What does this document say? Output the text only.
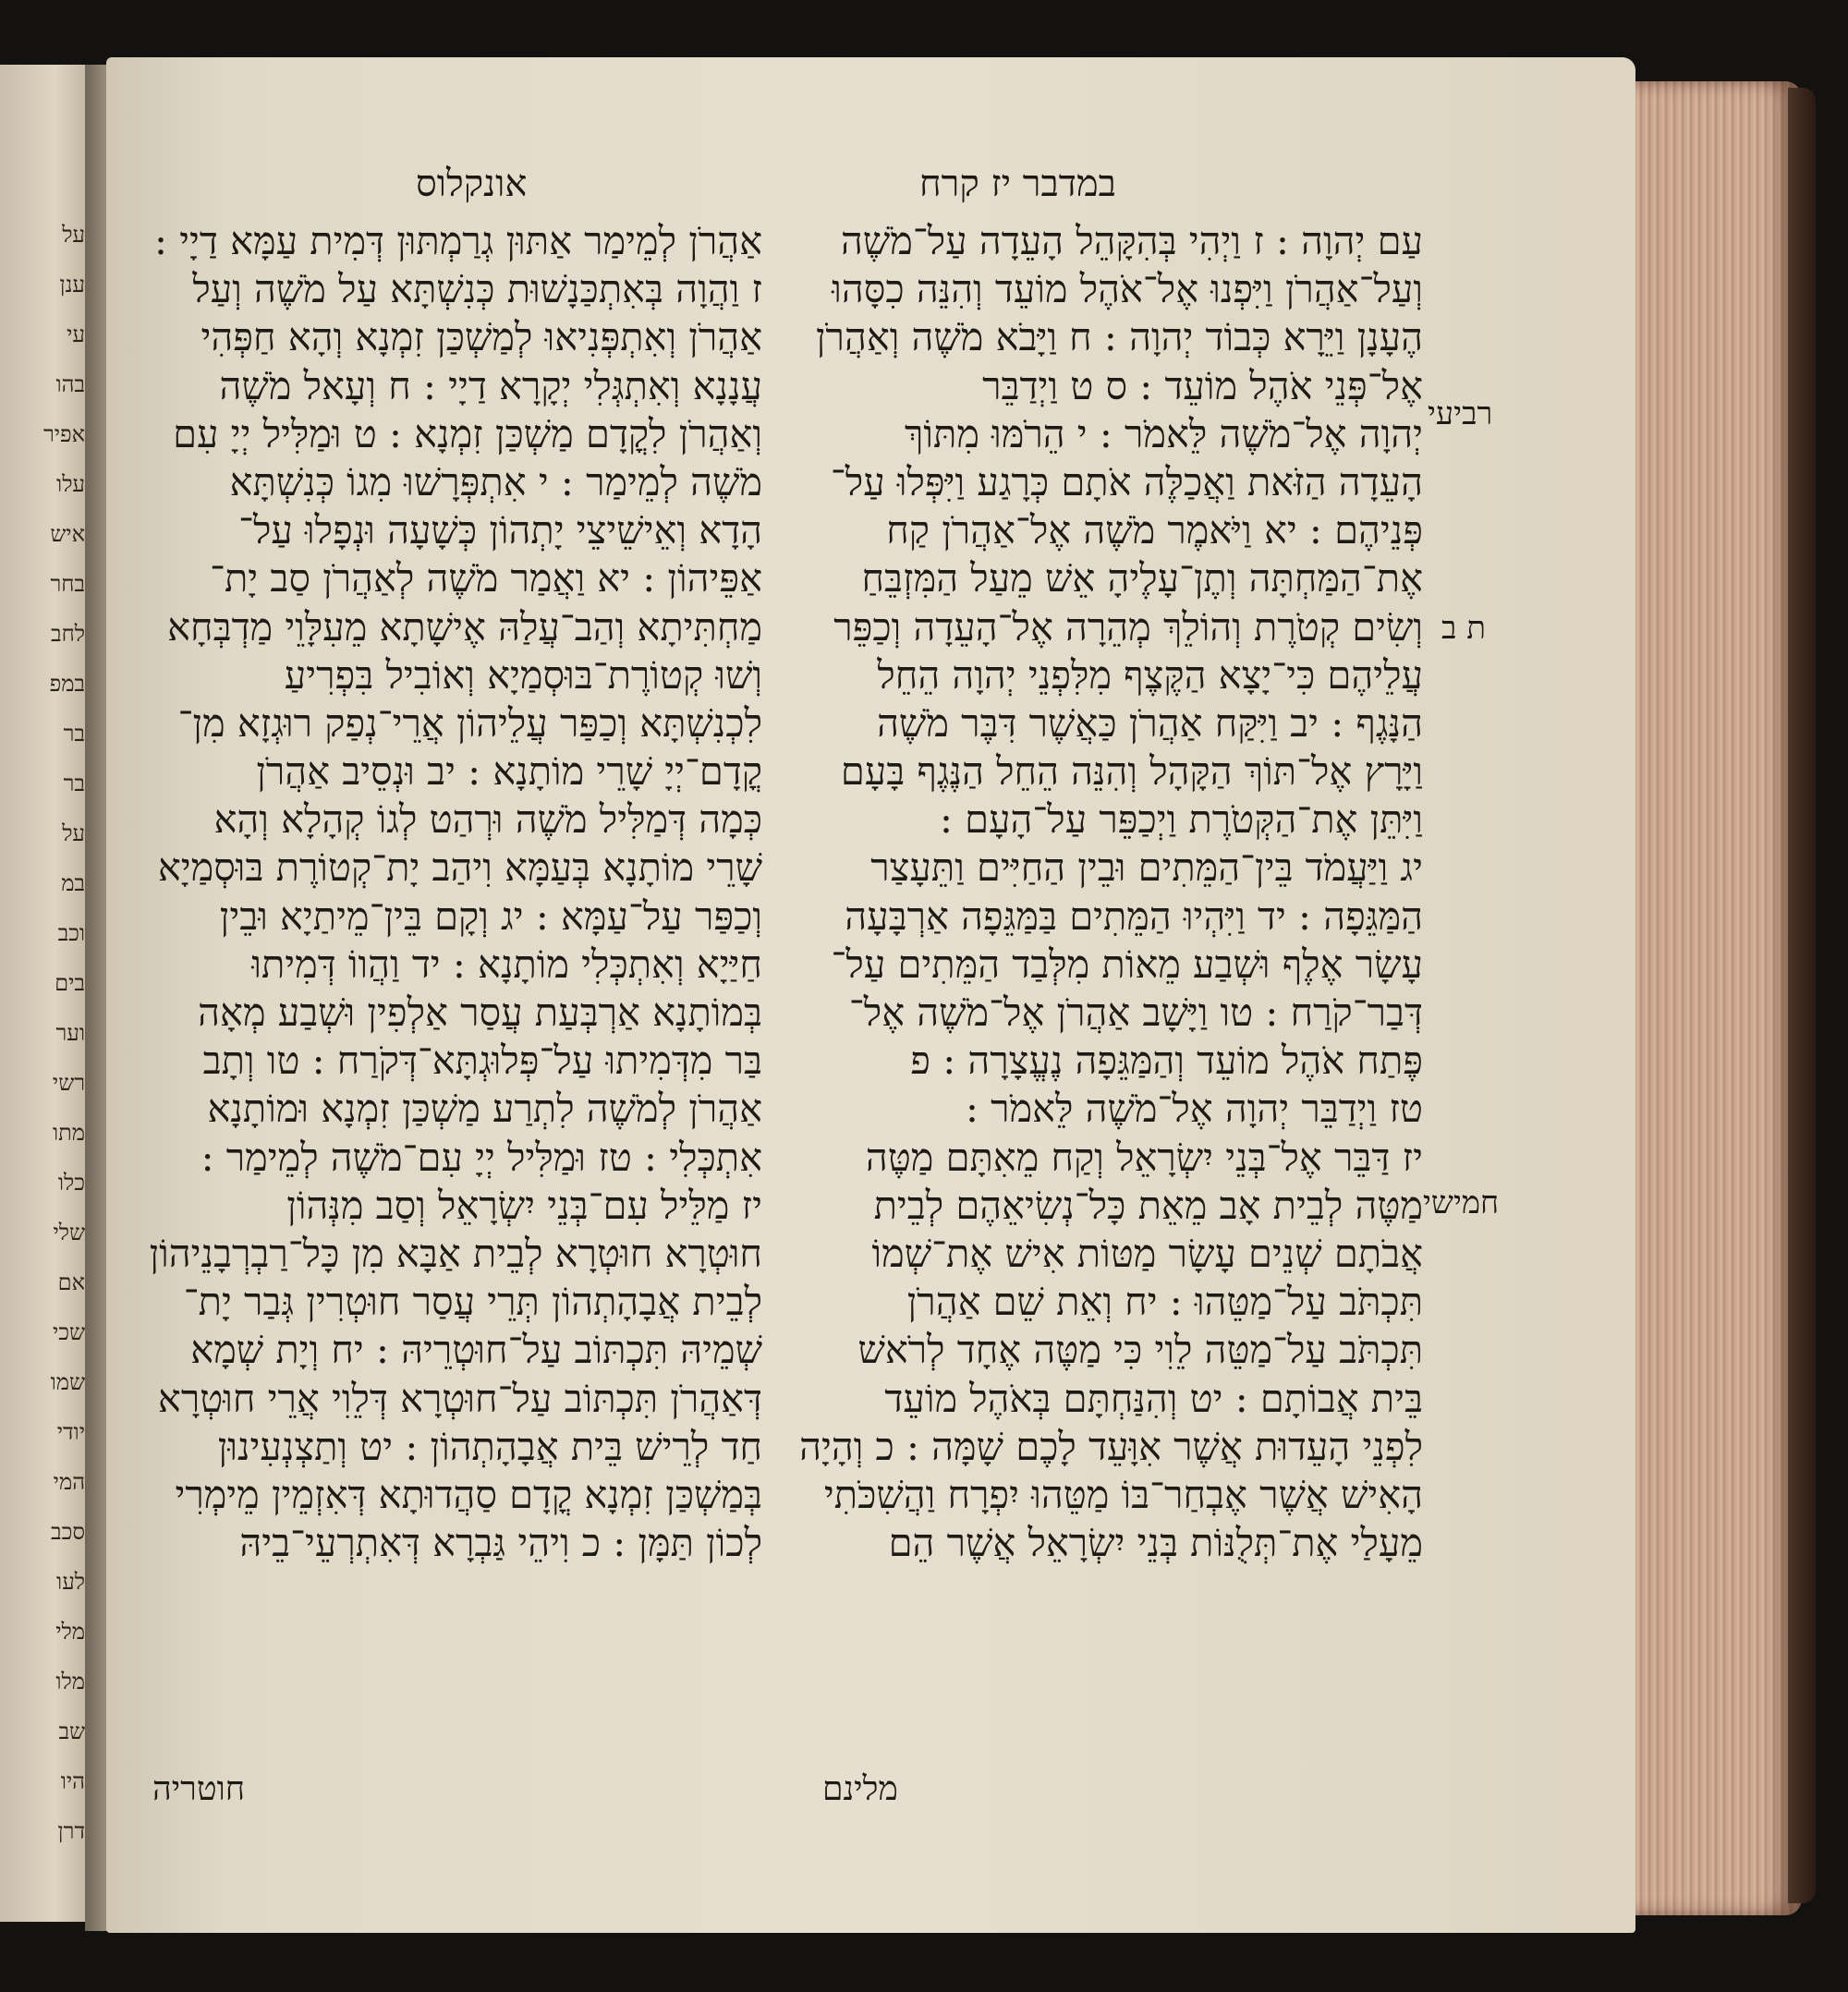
על
ענן
עי
בהו
אפיר
עלו
איש
בחר
לחב
במפ
בר
בר
על
במ
וכב
בים
וער
רשי
מתו
כלו
שלי
אם
שכי
שמו
יודי
המי
סכב
לעו
מלי
מלו
שב
היו
דרן
במדבר יז קרח
אונקלוס
רביעי
ת ב
חמישי
עַם יְהוָה : ז וַיְהִי בְּהִקָּהֵל הָעֵדָה עַל־מֹשֶׁה
וְעַל־אַהֲרֹן וַיִּפְנוּ אֶל־אֹהֶל מוֹעֵד וְהִנֵּה כִסָּהוּ
הֶעָנָן וַיֵּרָא כְּבוֹד יְהוָה : ח וַיָּבֹא מֹשֶׁה וְאַהֲרֹן
אֶל־פְּנֵי אֹהֶל מוֹעֵד : ס ט וַיְדַבֵּר
יְהוָה אֶל־מֹשֶׁה לֵּאמֹר : י הֵרֹמּוּ מִתּוֹךְ
הָעֵדָה הַזֹּאת וַאֲכַלֶּה אֹתָם כְּרָגַע וַיִּפְּלוּ עַל־
פְּנֵיהֶם : יא וַיֹּאמֶר מֹשֶׁה אֶל־אַהֲרֹן קַח
אֶת־הַמַּחְתָּה וְתֶן־עָלֶיהָ אֵשׁ מֵעַל הַמִּזְבֵּחַ
וְשִׂים קְטֹרֶת וְהוֹלֵךְ מְהֵרָה אֶל־הָעֵדָה וְכַפֵּר
עֲלֵיהֶם כִּי־יָצָא הַקֶּצֶף מִלִּפְנֵי יְהוָה הֵחֵל
הַנָּגֶף : יב וַיִּקַּח אַהֲרֹן כַּאֲשֶׁר דִּבֶּר מֹשֶׁה
וַיָּרָץ אֶל־תּוֹךְ הַקָּהָל וְהִנֵּה הֵחֵל הַנֶּגֶף בָּעָם
וַיִּתֵּן אֶת־הַקְּטֹרֶת וַיְכַפֵּר עַל־הָעָם :
יג וַיַּעֲמֹד בֵּין־הַמֵּתִים וּבֵין הַחַיִּים וַתֵּעָצַר
הַמַּגֵּפָה : יד וַיִּהְיוּ הַמֵּתִים בַּמַּגֵּפָה אַרְבָּעָה
עָשָׂר אֶלֶף וּשְׁבַע מֵאוֹת מִלְּבַד הַמֵּתִים עַל־
דְּבַר־קֹרַח : טו וַיָּשָׁב אַהֲרֹן אֶל־מֹשֶׁה אֶל־
פֶּתַח אֹהֶל מוֹעֵד וְהַמַּגֵּפָה נֶעֱצָרָה : פ
טז וַיְדַבֵּר יְהוָה אֶל־מֹשֶׁה לֵּאמֹר :
יז דַּבֵּר אֶל־בְּנֵי יִשְׂרָאֵל וְקַח מֵאִתָּם מַטֶּה
מַטֶּה לְבֵית אָב מֵאֵת כָּל־נְשִׂיאֵהֶם לְבֵית
אֲבֹתָם שְׁנֵים עָשָׂר מַטּוֹת אִישׁ אֶת־שְׁמוֹ
תִּכְתֹּב עַל־מַטֵּהוּ : יח וְאֵת שֵׁם אַהֲרֹן
תִּכְתֹּב עַל־מַטֵּה לֵוִי כִּי מַטֶּה אֶחָד לְרֹאשׁ
בֵּית אֲבוֹתָם : יט וְהִנַּחְתָּם בְּאֹהֶל מוֹעֵד
לִפְנֵי הָעֵדוּת אֲשֶׁר אִוָּעֵד לָכֶם שָׁמָּה : כ וְהָיָה
הָאִישׁ אֲשֶׁר אֶבְחַר־בּוֹ מַטֵּהוּ יִפְרָח וַהֲשִׁכֹּתִי
מֵעָלַי אֶת־תְּלֻנּוֹת בְּנֵי יִשְׂרָאֵל אֲשֶׁר הֵם
אַהֲרֹן לְמֵימַר אַתּוּן גְרַמְתּוּן דְּמִית עַמָּא דַיָי :
ז וַהֲוָה בְּאִתְכַּנָשׁוּת כְּנִשְׁתָּא עַל מֹשֶׁה וְעַל
אַהֲרֹן וְאִתְפְּנִיאוּ לְמַשְׁכַּן זִמְנָא וְהָא חַפְּהִי
עֲנָנָא וְאִתְגְּלִי יְקָרָא דַיָי : ח וְעָאל מֹשֶׁה
וְאַהֲרֹן לִקֳדָם מַשְׁכַּן זִמְנָא : ט וּמַלִּיל יְיָ עִם
מֹשֶׁה לְמֵימַר : י אִתְפְּרָשׁוּ מִגוֹ כְּנִשְׁתָּא
הָדָא וְאֵישֵׁיצֵי יָתְהוֹן כְּשָׁעָה וּנְפָלוּ עַל־
אַפֵּיהוֹן : יא וַאֲמַר מֹשֶׁה לְאַהֲרֹן סַב יָת־
מַחְתִּיתָא וְהַב־עֲלַהּ אֶישָׁתָא מֵעִלָּוֵי מַדְבְּחָא
וְשׁוּ קְטוֹרֶת־בּוּסְמַיָא וְאוֹבִיל בִּפְרִיעַ
לִכְנִשְׁתָּא וְכַפַּר עֲלֵיהוֹן אֲרֵי־נְפַק רוּגְזָא מִן־
קֳדָם־יְיָ שָׁרֵי מוֹתָנָא : יב וּנְסֵיב אַהֲרֹן
כְּמָה דְּמַלִּיל מֹשֶׁה וּרְהַט לְגוֹ קְהָלָא וְהָא
שָׁרֵי מוֹתָנָא בְּעַמָּא וִיהַב יָת־קְטוֹרֶת בּוּסְמַיָא
וְכַפַּר עַל־עַמָּא : יג וְקָם בֵּין־מֵיתַיָא וּבֵין
חַיַּיָא וְאִתְכְּלִי מוֹתָנָא : יד וַהֲווֹ דְּמִיתוּ
בְּמוֹתָנָא אַרְבְּעַת עֲסַר אַלְפִין וּשְׁבַע מְאָה
בַּר מִדְּמִיתוּ עַל־פְּלוּגְתָּא־דְּקֹרַח : טו וְתָב
אַהֲרֹן לְמֹשֶׁה לִתְרַע מַשְׁכַּן זִמְנָא וּמוֹתָנָא
אִתְכְּלִי : טז וּמַלִּיל יְיָ עִם־מֹשֶׁה לְמֵימַר :
יז מַלֵּיל עִם־בְּנֵי יִשְׂרָאֵל וְסַב מִנְּהוֹן
חוּטְרָא חוּטְרָא לְבֵית אַבָּא מִן כָּל־רַבְרְבָנֵיהוֹן
לְבֵית אֲבָהָתְהוֹן תְּרֵי עֲסַר חוּטְרִין גְּבַר יָת־
שְׁמֵיהּ תִּכְתּוֹב עַל־חוּטְרֵיהּ : יח וְיָת שְׁמָא
דְּאַהֲרֹן תִּכְתּוֹב עַל־חוּטְרָא דְּלֵוִי אֲרֵי חוּטְרָא
חַד לְרֵישׁ בֵּית אֲבָהָתְהוֹן : יט וְתַצְנְעִינוּן
בְּמַשְׁכַּן זִמְנָא קֳדָם סַהֲדוּתָא דְּאִזְמֵין מֵימְרִי
לְכוֹן תַּמָּן : כ וִיהֵי גַּבְרָא דְּאִתְרְעֵי־בֵיהּ
מלינם
חוטריה
